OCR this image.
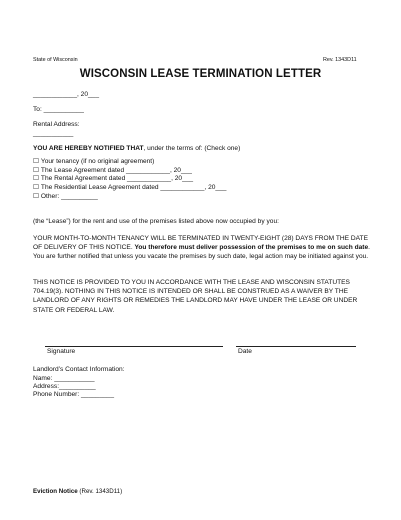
State of Wisconsin	Rev. 1343D11
WISCONSIN LEASE TERMINATION LETTER
____________, 20___
To: ___________
Rental Address:
___________
YOU ARE HEREBY NOTIFIED THAT, under the terms of: (Check one)
☐ Your tenancy (if no original agreement)
☐ The Lease Agreement dated ____________, 20___
☐ The Rental Agreement dated ____________, 20___
☐ The Residential Lease Agreement dated ____________, 20___
☐ Other: __________
(the “Lease”) for the rent and use of the premises listed above now occupied by you:
YOUR MONTH-TO-MONTH TENANCY WILL BE TERMINATED IN TWENTY-EIGHT (28) DAYS FROM THE DATE OF DELIVERY OF THIS NOTICE. You therefore must deliver possession of the premises to me on such date. You are further notified that unless you vacate the premises by such date, legal action may be initiated against you.
THIS NOTICE IS PROVIDED TO YOU IN ACCORDANCE WITH THE LEASE AND WISCONSIN STATUTES 704.19(3). NOTHING IN THIS NOTICE IS INTENDED OR SHALL BE CONSTRUED AS A WAIVER BY THE LANDLORD OF ANY RIGHTS OR REMEDIES THE LANDLORD MAY HAVE UNDER THE LEASE OR UNDER STATE OR FEDERAL LAW.
Signature	Date
Landlord’s Contact Information:
Name: ___________
Address:__________
Phone Number: _________
Eviction Notice (Rev. 1343D11)
